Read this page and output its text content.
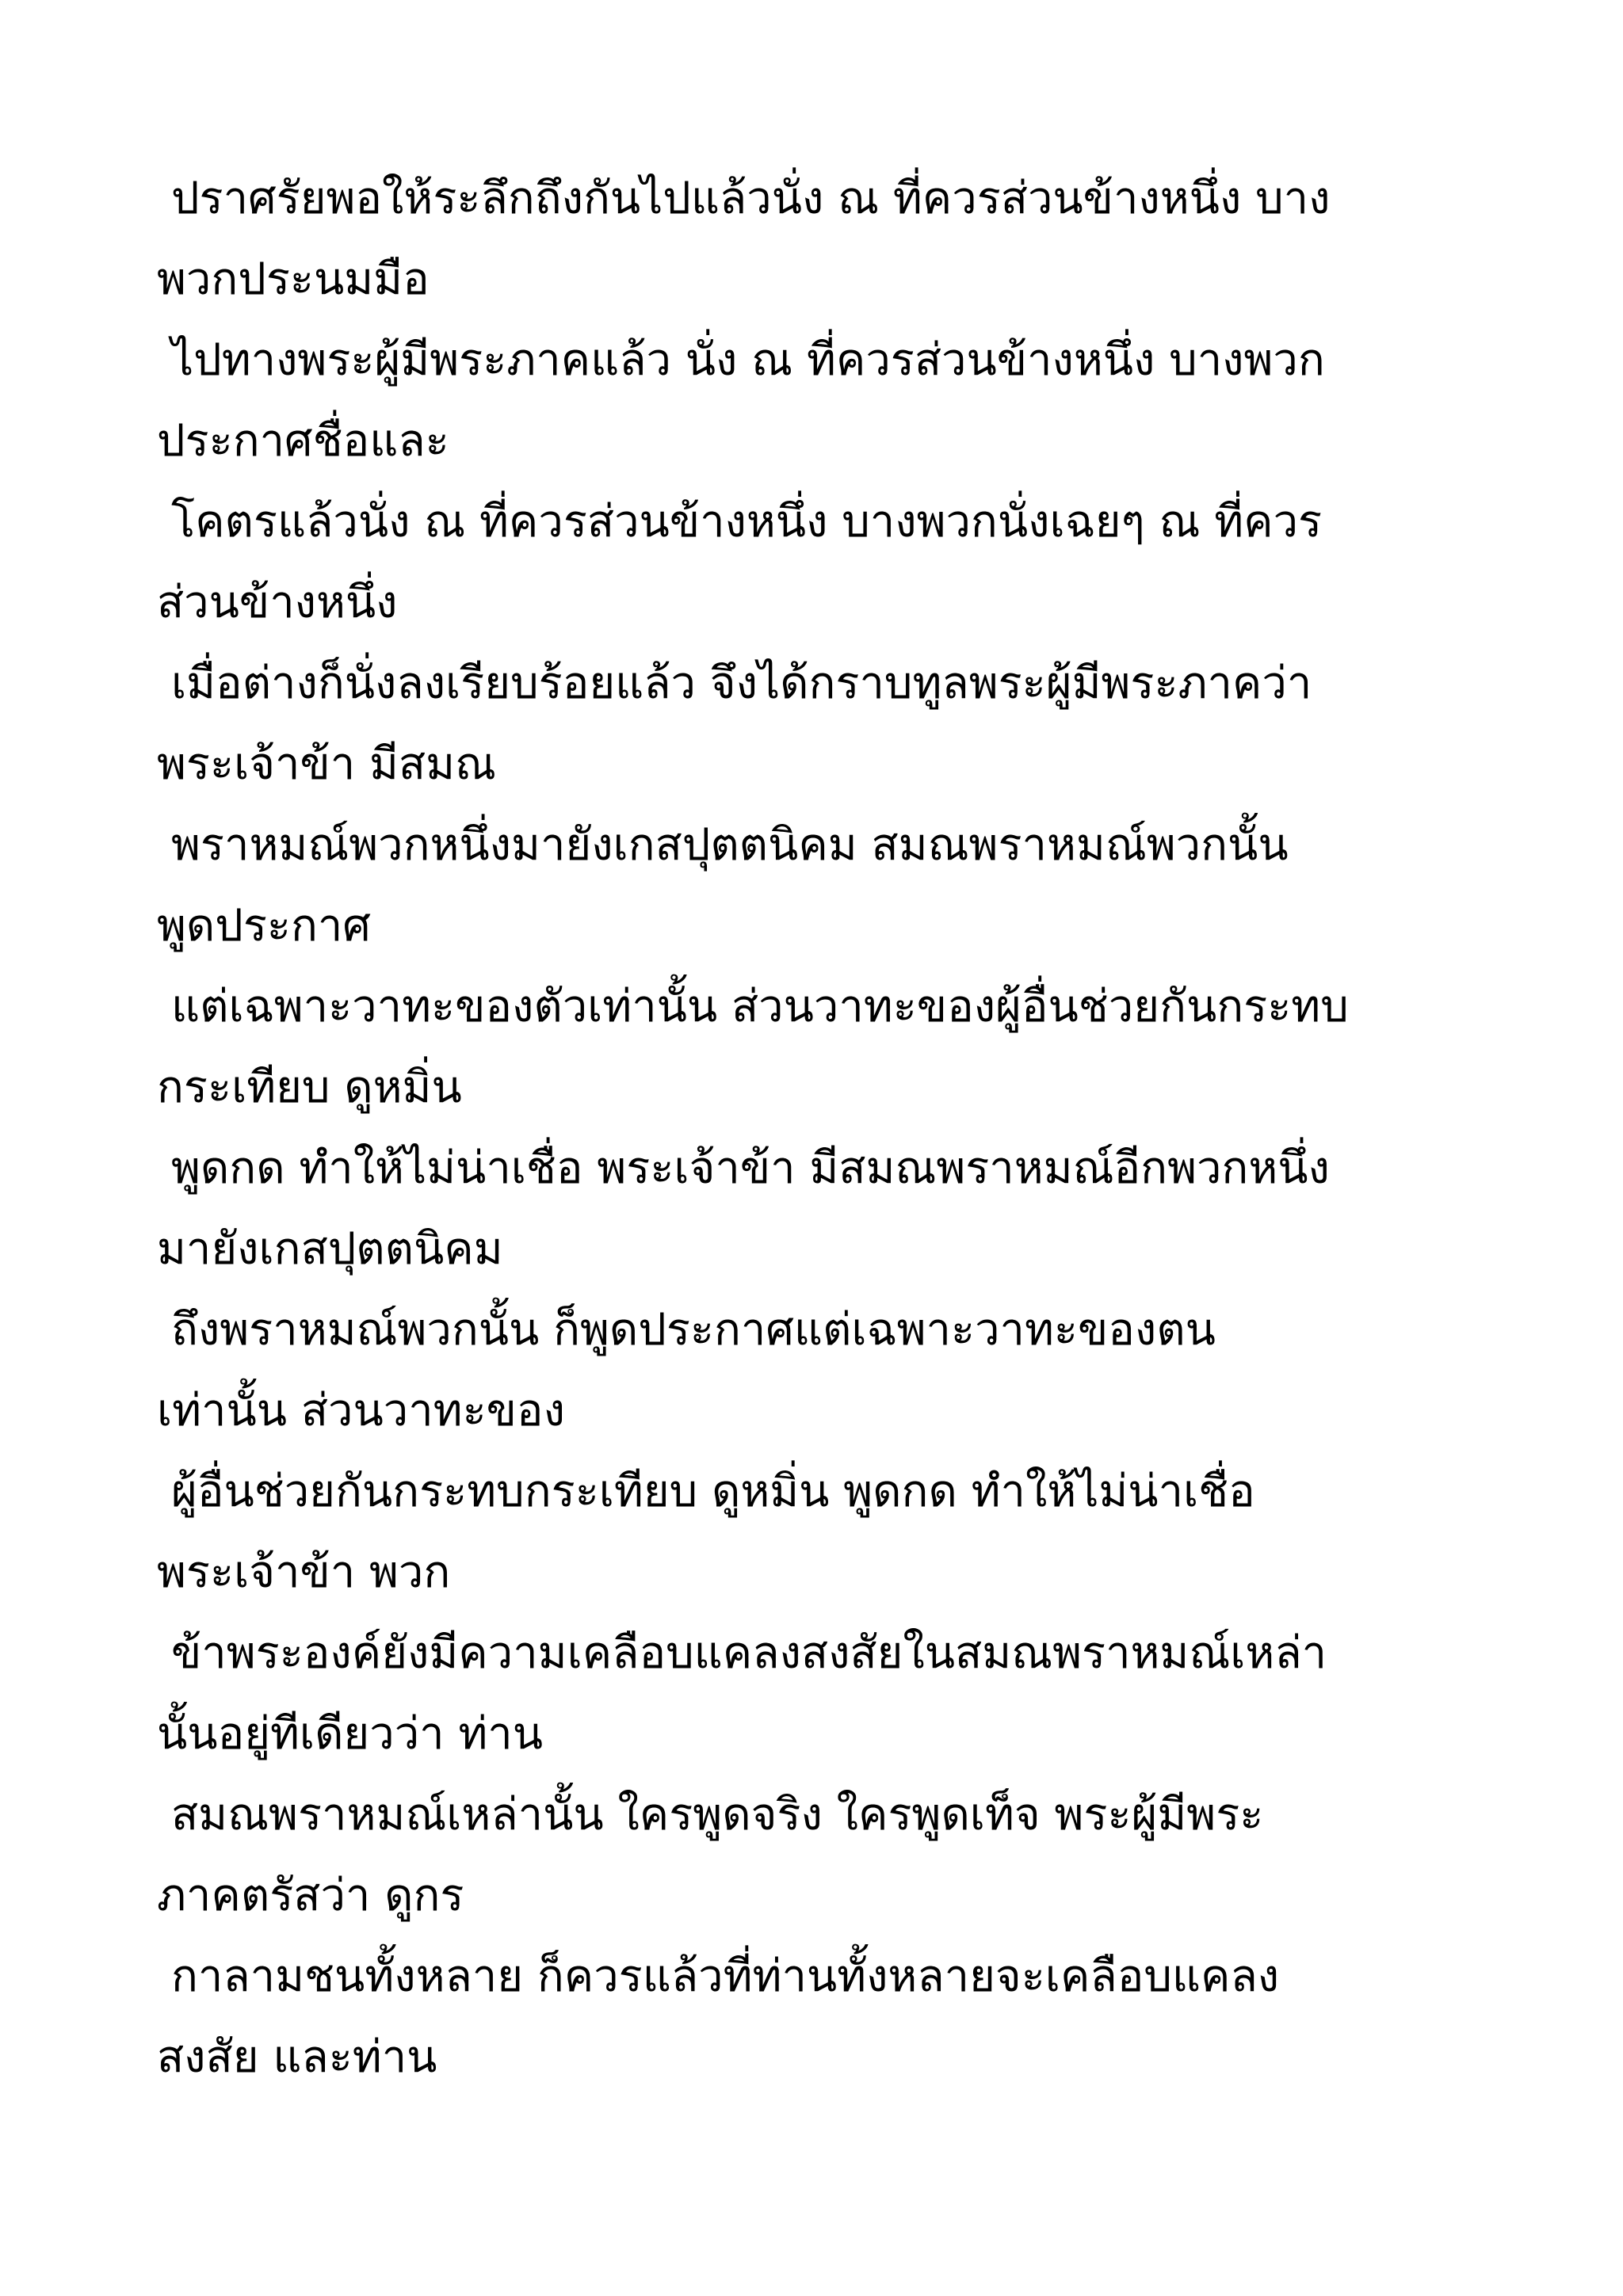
ปราศรัยพอให้ระลึกถึงกันไปแล้วนั่ง ณ ที่ควรส่วนข้างหนึ่ง บาง
พวกประนมมือ
ไปทางพระผู้มีพระภาคแล้ว นั่ง ณ ที่ควรส่วนข้างหนึ่ง บางพวก
ประกาศชื่อและ
โคตรแล้วนั่ง ณ ที่ควรส่วนข้างหนึ่ง บางพวกนั่งเฉยๆ ณ ที่ควร
ส่วนข้างหนึ่ง
เมื่อต่างก็นั่งลงเรียบร้อยแล้ว จึงได้กราบทูลพระผู้มีพระภาคว่า
พระเจ้าข้า มีสมณ
พราหมณ์พวกหนึ่งมายังเกสปุตตนิคม สมณพราหมณ์พวกนั้น
พูดประกาศ
แต่เฉพาะวาทะของตัวเท่านั้น ส่วนวาทะของผู้อื่นช่วยกันกระทบ
กระเทียบ ดูหมิ่น
พูดกด ทำให้ไม่น่าเชื่อ พระเจ้าข้า มีสมณพราหมณ์อีกพวกหนึ่ง
มายังเกสปุตตนิคม
ถึงพราหมณ์พวกนั้น ก็พูดประกาศแต่เฉพาะวาทะของตน
เท่านั้น ส่วนวาทะของ
ผู้อื่นช่วยกันกระทบกระเทียบ ดูหมิ่น พูดกด ทำให้ไม่น่าเชื่อ
พระเจ้าข้า พวก
ข้าพระองค์ยังมีความเคลือบแคลงสงสัยในสมณพราหมณ์เหล่า
นั้นอยู่ทีเดียวว่า ท่าน
สมณพราหมณ์เหล่านั้น ใครพูดจริง ใครพูดเท็จ พระผู้มีพระ
ภาคตรัสว่า ดูกร
กาลามชนทั้งหลาย ก็ควรแล้วที่ท่านทั้งหลายจะเคลือบแคลง
สงสัย และท่าน
